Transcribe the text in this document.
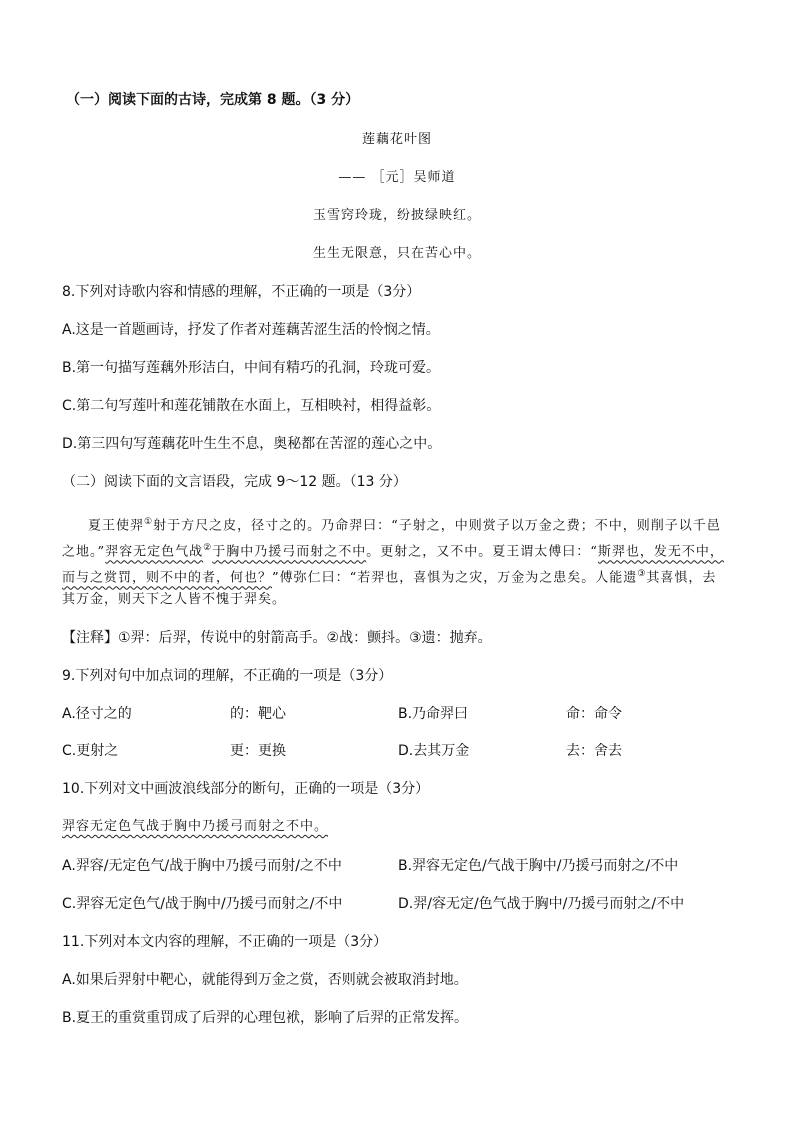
（一）阅读下面的古诗，完成第 8 题。（3 分）
莲藕花叶图
—— ［元］吴师道
玉雪窍玲珑，纷披绿映红。
生生无限意，只在苦心中。
8.下列对诗歌内容和情感的理解，不正确的一项是（3分）
A.这是一首题画诗，抒发了作者对莲藕苦涩生活的怜悯之情。
B.第一句描写莲藕外形洁白，中间有精巧的孔洞，玲珑可爱。
C.第二句写莲叶和莲花铺散在水面上，互相映衬，相得益彰。
D.第三四句写莲藕花叶生生不息，奥秘都在苦涩的莲心之中。
（二）阅读下面的文言语段，完成 9～12 题。（13 分）
夏王使羿①射于方尺之皮，径寸之的。乃命羿曰：“子射之，中则赏子以万金之费；不中，则削子以千邑
之地。”羿容无定色气战②于胸中乃援弓而射之不中。更射之，又不中。夏王谓太傅曰：“斯羿也，发无不中，
而与之赏罚，则不中的者，何也？”傅弥仁曰：“若羿也，喜惧为之灾，万金为之患矣。人能遗③其喜惧，去
其万金，则天下之人皆不愧于羿矣。
【注释】①羿：后羿，传说中的射箭高手。②战：颤抖。③遗：抛弃。
9.下列对句中加点词的理解，不正确的一项是（3分）
A.径寸之的	的：靶心	B.乃命羿曰	命：命令
C.更射之	更：更换	D.去其万金	去：舍去
10.下列对文中画波浪线部分的断句，正确的一项是（3分）
羿容无定色气战于胸中乃援弓而射之不中。
A.羿容/无定色气/战于胸中乃援弓而射/之不中	B.羿容无定色/气战于胸中/乃援弓而射之/不中
C.羿容无定色气/战于胸中/乃援弓而射之/不中	D.羿/容无定/色气战于胸中/乃援弓而射之/不中
11.下列对本文内容的理解，不正确的一项是（3分）
A.如果后羿射中靶心，就能得到万金之赏，否则就会被取消封地。
B.夏王的重赏重罚成了后羿的心理包袱，影响了后羿的正常发挥。
